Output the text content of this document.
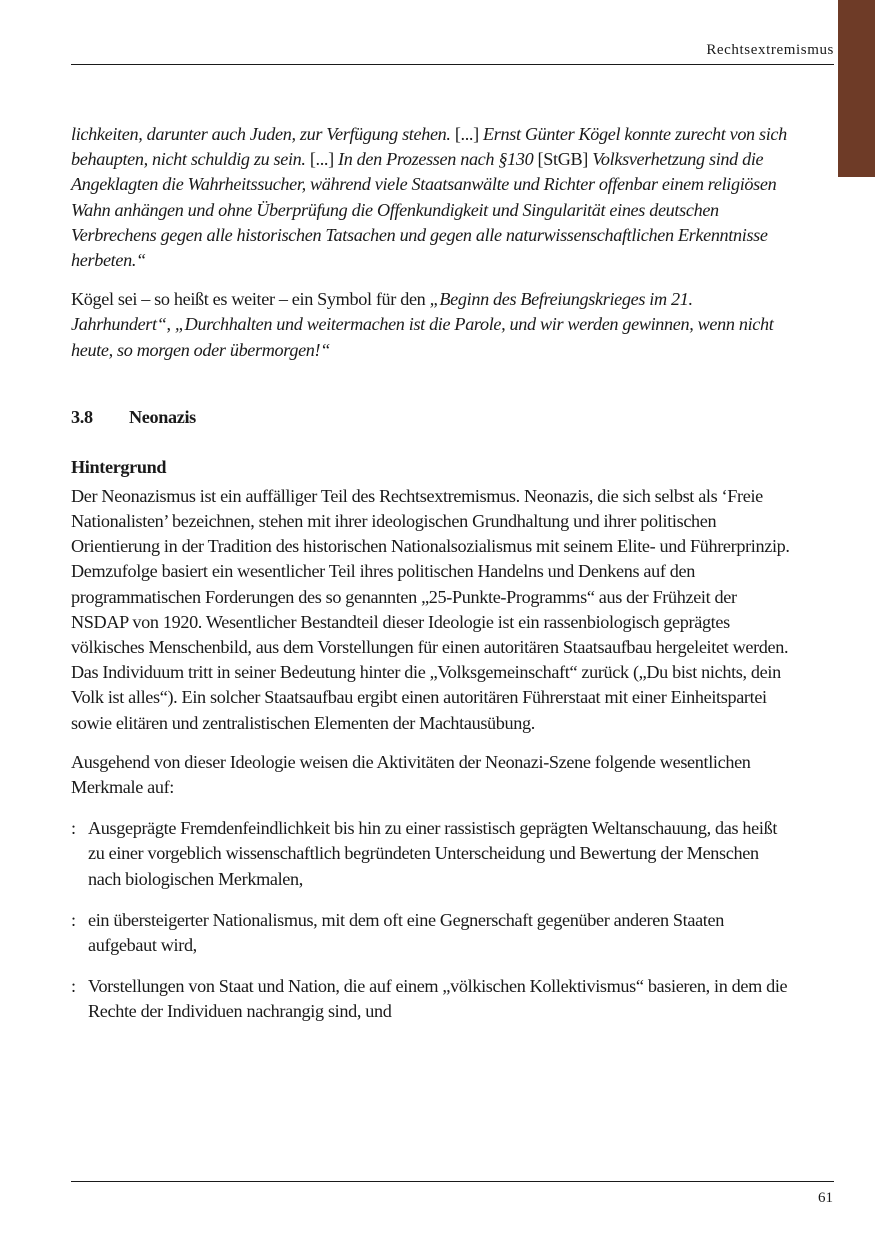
Rechtsextremismus

lichkeiten, darunter auch Juden, zur Verfügung stehen. [...] Ernst Günter Kögel konnte zurecht von sich behaupten, nicht schuldig zu sein. [...] In den Prozessen nach §130 [StGB] Volksverhetzung sind die Angeklagten die Wahrheitssucher, während viele Staatsanwälte und Richter offenbar einem religiösen Wahn anhängen und ohne Überprüfung die Offenkundigkeit und Singularität eines deutschen Verbrechens gegen alle historischen Tatsachen und gegen alle naturwissenschaftlichen Erkenntnisse herbeten.“

Kögel sei – so heißt es weiter – ein Symbol für den „Beginn des Befreiungskrieges im 21. Jahrhundert“, „Durchhalten und weitermachen ist die Parole, und wir werden gewinnen, wenn nicht heute, so morgen oder übermorgen!“

3.8	Neonazis
Hintergrund

Der Neonazismus ist ein auffälliger Teil des Rechtsextremismus. Neonazis, die sich selbst als ‘Freie Nationalisten’ bezeichnen, stehen mit ihrer ideologischen Grundhaltung und ihrer politischen Orientierung in der Tradition des historischen Nationalsozialismus mit seinem Elite- und Führerprinzip. Demzufolge basiert ein wesentlicher Teil ihres politischen Handelns und Denkens auf den programmatischen Forderungen des so genannten „25-Punkte-Programms“ aus der Frühzeit der NSDAP von 1920. Wesentlicher Bestandteil dieser Ideologie ist ein rassenbiologisch geprägtes völkisches Menschenbild, aus dem Vorstellungen für einen autoritären Staatsaufbau hergeleitet werden. Das Individuum tritt in seiner Bedeutung hinter die „Volksgemeinschaft“ zurück („Du bist nichts, dein Volk ist alles“). Ein solcher Staatsaufbau ergibt einen autoritären Führerstaat mit einer Einheitspartei sowie elitären und zentralistischen Elementen der Machtausübung.

Ausgehend von dieser Ideologie weisen die Aktivitäten der Neonazi-Szene folgende wesentlichen Merkmale auf:

: Ausgeprägte Fremdenfeindlichkeit bis hin zu einer rassistisch geprägten Weltanschauung, das heißt zu einer vorgeblich wissenschaftlich begründeten Unterscheidung und Bewertung der Menschen nach biologischen Merkmalen,
: ein übersteigerter Nationalismus, mit dem oft eine Gegnerschaft gegenüber anderen Staaten aufgebaut wird,
: Vorstellungen von Staat und Nation, die auf einem „völkischen Kollektivismus“ basieren, in dem die Rechte der Individuen nachrangig sind, und
61
